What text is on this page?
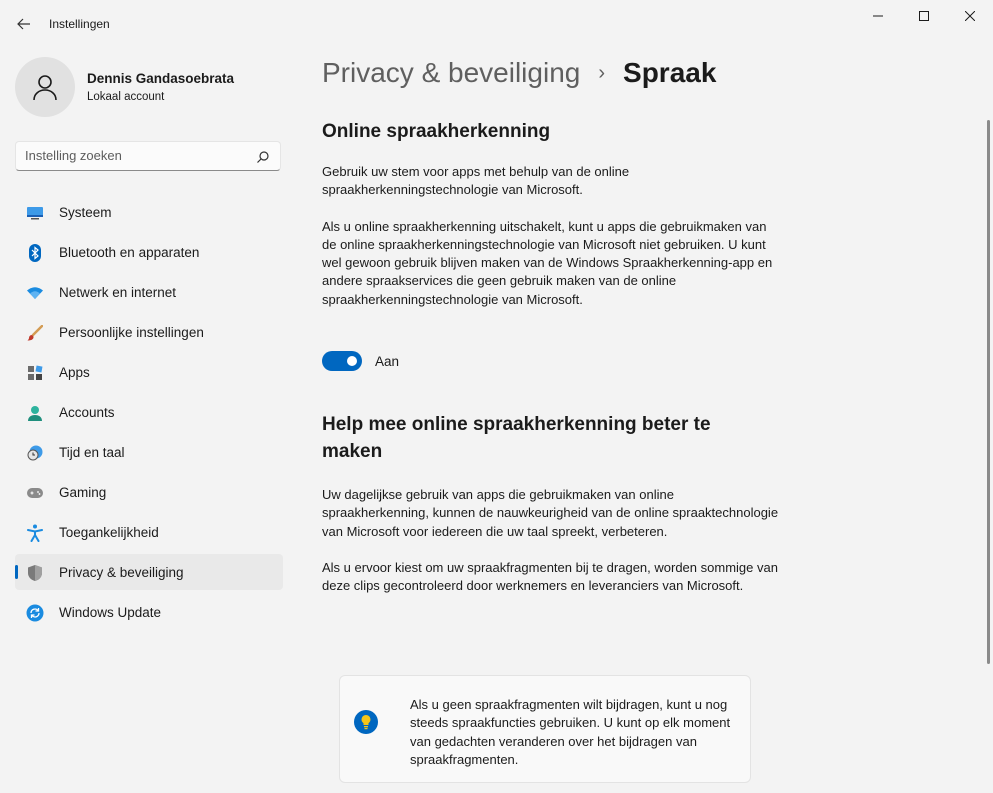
Instellingen
Dennis Gandasoebrata
Lokaal account
Instelling zoeken
Systeem
Bluetooth en apparaten
Netwerk en internet
Persoonlijke instellingen
Apps
Accounts
Tijd en taal
Gaming
Toegankelijkheid
Privacy & beveiliging
Windows Update
Privacy & beveiliging › Spraak
Online spraakherkenning

Gebruik uw stem voor apps met behulp van de online spraakherkenningstechnologie van Microsoft.

Als u online spraakherkenning uitschakelt, kunt u apps die gebruikmaken van de online spraakherkenningstechnologie van Microsoft niet gebruiken. U kunt wel gewoon gebruik blijven maken van de Windows Spraakherkenning-app en andere spraakservices die geen gebruik maken van de online spraakherkenningstechnologie van Microsoft.

Aan
Help mee online spraakherkenning beter te maken

Uw dagelijkse gebruik van apps die gebruikmaken van online spraakherkenning, kunnen de nauwkeurigheid van de online spraaktechnologie van Microsoft voor iedereen die uw taal spreekt, verbeteren.

Als u ervoor kiest om uw spraakfragmenten bij te dragen, worden sommige van deze clips gecontroleerd door werknemers en leveranciers van Microsoft.

Als u geen spraakfragmenten wilt bijdragen, kunt u nog steeds spraakfuncties gebruiken. U kunt op elk moment van gedachten veranderen over het bijdragen van spraakfragmenten.
